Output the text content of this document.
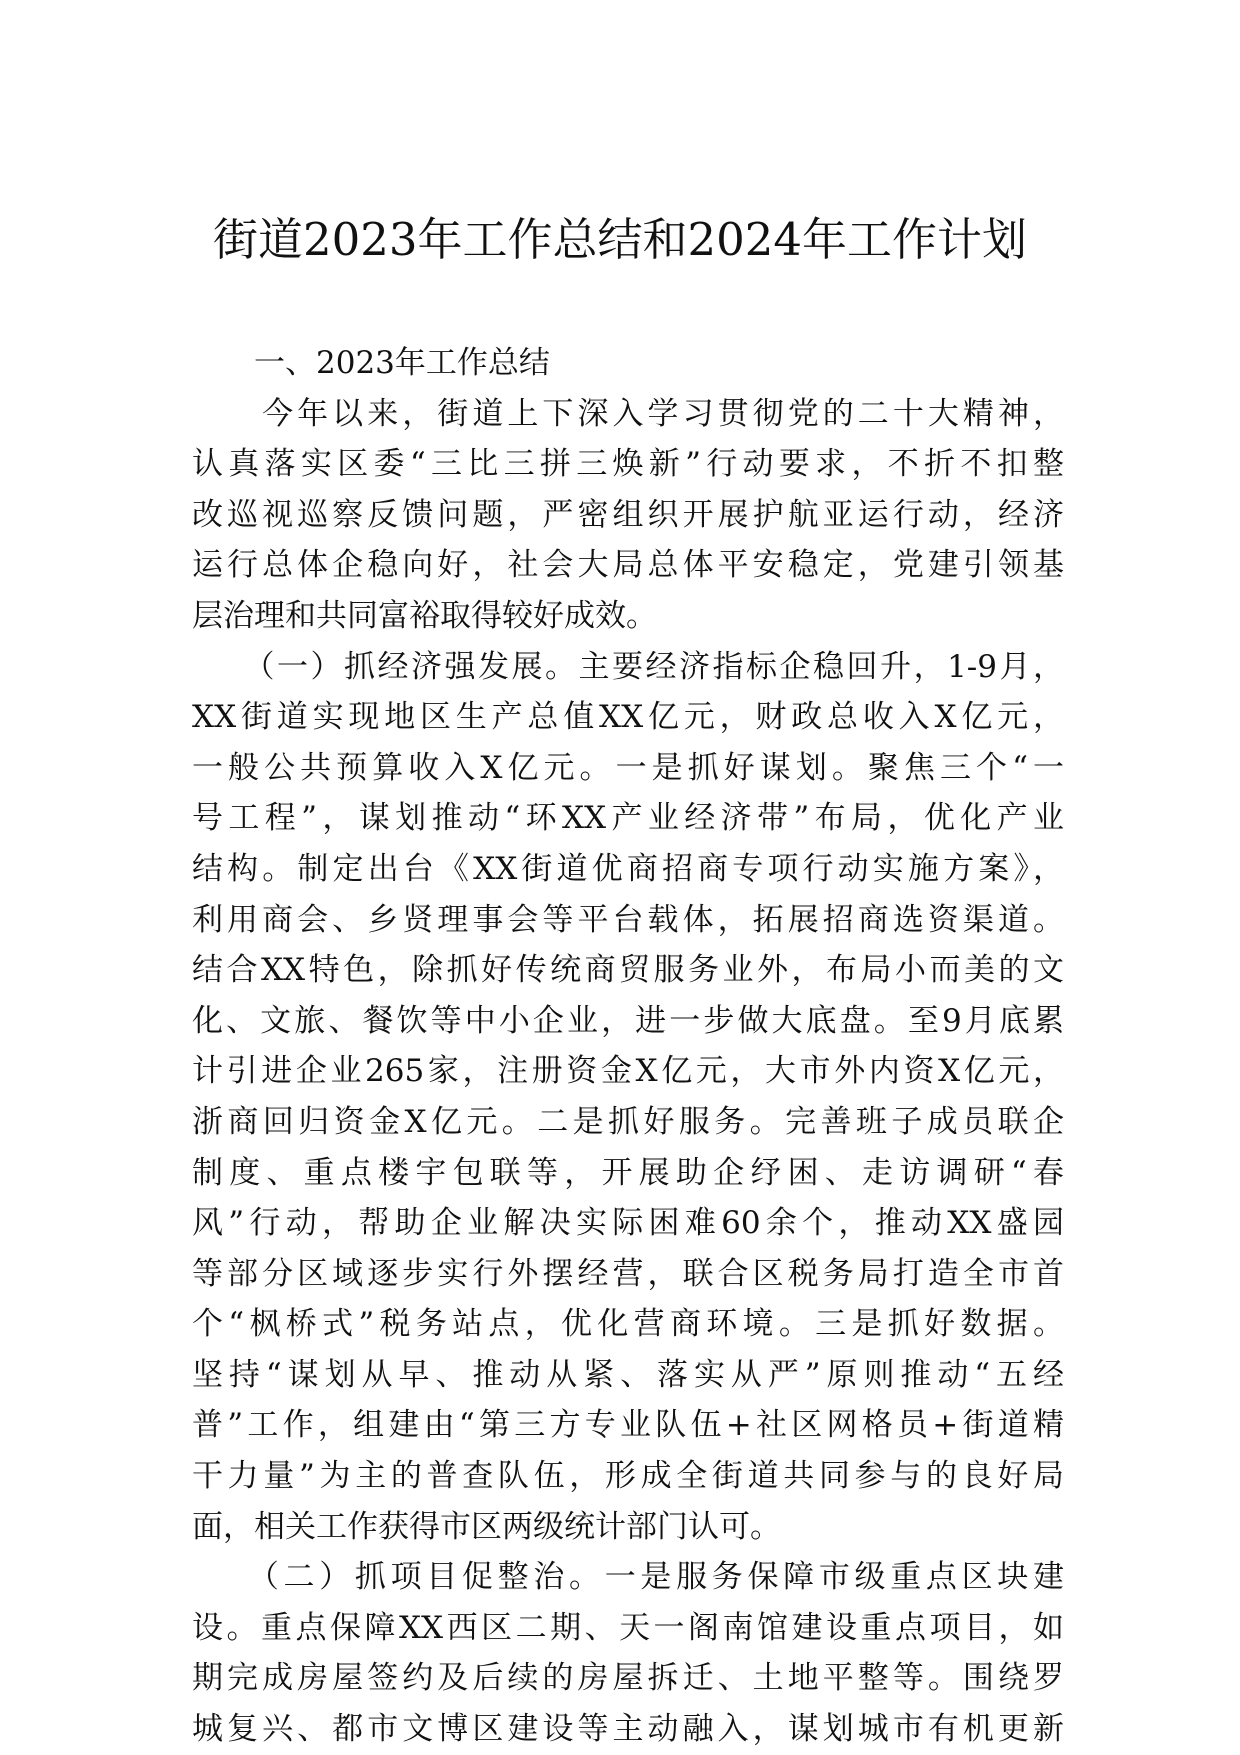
街道2023年工作总结和2024年工作计划
　　一、2023年工作总结
　　今年以来，街道上下深入学习贯彻党的二十大精神，
认真落实区委“三比三拼三焕新”行动要求，不折不扣整
改巡视巡察反馈问题，严密组织开展护航亚运行动，经济
运行总体企稳向好，社会大局总体平安稳定，党建引领基
层治理和共同富裕取得较好成效。
　　（一）抓经济强发展。主要经济指标企稳回升，1-9月，
XX街道实现地区生产总值XX亿元，财政总收入X亿元，
一般公共预算收入X亿元。一是抓好谋划。聚焦三个“一
号工程”，谋划推动“环XX产业经济带”布局，优化产业
结构。制定出台《XX街道优商招商专项行动实施方案》，
利用商会、乡贤理事会等平台载体，拓展招商选资渠道。
结合XX特色，除抓好传统商贸服务业外，布局小而美的文
化、文旅、餐饮等中小企业，进一步做大底盘。至9月底累
计引进企业265家，注册资金X亿元，大市外内资X亿元，
浙商回归资金X亿元。二是抓好服务。完善班子成员联企
制度、重点楼宇包联等，开展助企纾困、走访调研“春
风”行动，帮助企业解决实际困难60余个，推动XX盛园
等部分区域逐步实行外摆经营，联合区税务局打造全市首
个“枫桥式”税务站点，优化营商环境。三是抓好数据。
坚持“谋划从早、推动从紧、落实从严”原则推动“五经
普”工作，组建由“第三方专业队伍+社区网格员+街道精
干力量”为主的普查队伍，形成全街道共同参与的良好局
面，相关工作获得市区两级统计部门认可。
　　（二）抓项目促整治。一是服务保障市级重点区块建
设。重点保障XX西区二期、天一阁南馆建设重点项目，如
期完成房屋签约及后续的房屋拆迁、土地平整等。围绕罗
城复兴、都市文博区建设等主动融入，谋划城市有机更新
